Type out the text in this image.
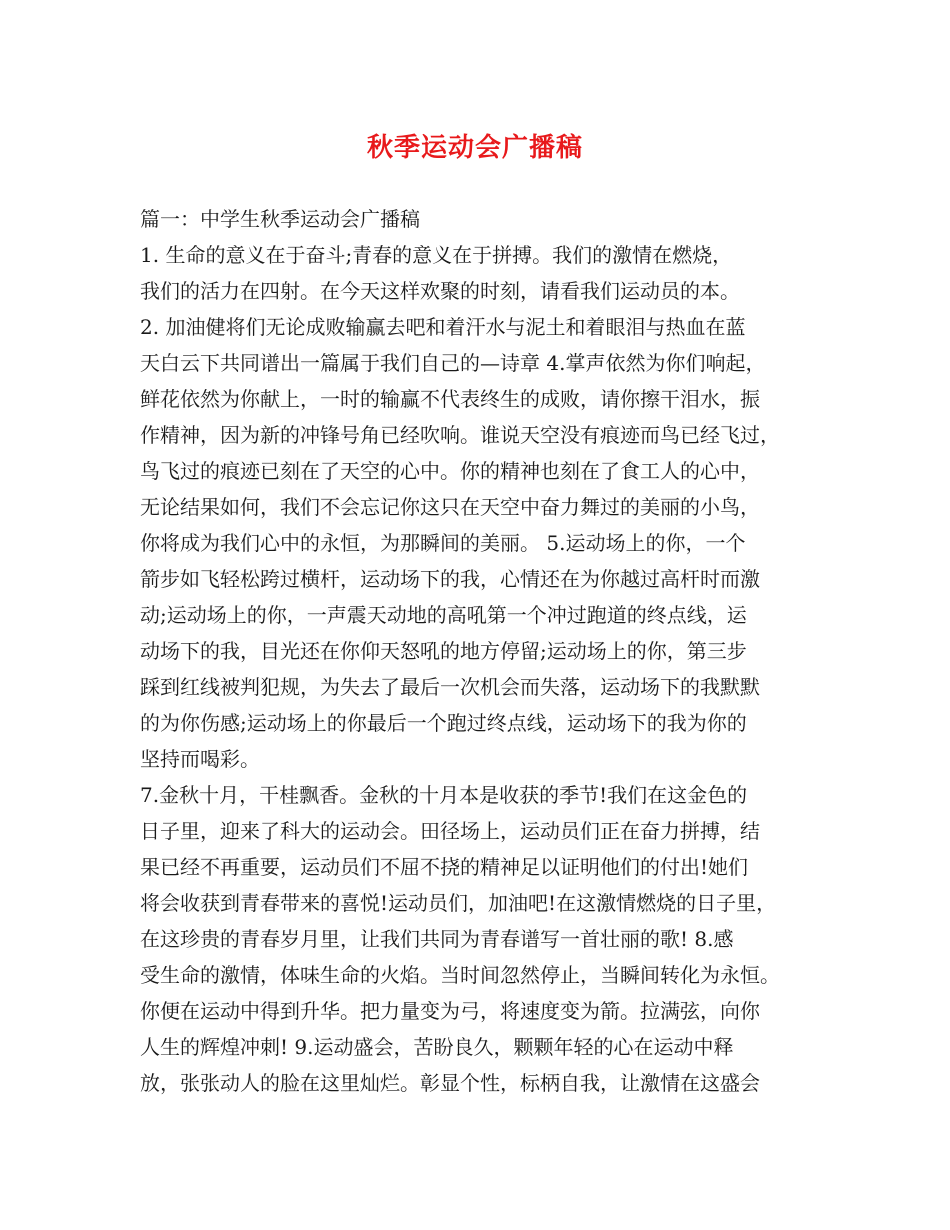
秋季运动会广播稿
篇一：中学生秋季运动会广播稿
1. 生命的意义在于奋斗;青春的意义在于拼搏。我们的激情在燃烧，
我们的活力在四射。在今天这样欢聚的时刻，请看我们运动员的本。
2. 加油健将们无论成败输赢去吧和着汗水与泥土和着眼泪与热血在蓝
天白云下共同谱出一篇属于我们自己的—诗章 4.掌声依然为你们响起，
鲜花依然为你献上，一时的输赢不代表终生的成败，请你擦干泪水，振
作精神，因为新的冲锋号角已经吹响。谁说天空没有痕迹而鸟已经飞过，
鸟飞过的痕迹已刻在了天空的心中。你的精神也刻在了食工人的心中，
无论结果如何，我们不会忘记你这只在天空中奋力舞过的美丽的小鸟，
你将成为我们心中的永恒，为那瞬间的美丽。 5.运动场上的你，一个
箭步如飞轻松跨过横杆，运动场下的我，心情还在为你越过高杆时而激
动;运动场上的你，一声震天动地的高吼第一个冲过跑道的终点线，运
动场下的我，目光还在你仰天怒吼的地方停留;运动场上的你，第三步
踩到红线被判犯规，为失去了最后一次机会而失落，运动场下的我默默
的为你伤感;运动场上的你最后一个跑过终点线，运动场下的我为你的
坚持而喝彩。
7.金秋十月，干桂飘香。金秋的十月本是收获的季节!我们在这金色的
日子里，迎来了科大的运动会。田径场上，运动员们正在奋力拼搏，结
果已经不再重要，运动员们不屈不挠的精神足以证明他们的付出!她们
将会收获到青春带来的喜悦!运动员们，加油吧!在这激情燃烧的日子里，
在这珍贵的青春岁月里，让我们共同为青春谱写一首壮丽的歌! 8.感
受生命的激情，体味生命的火焰。当时间忽然停止，当瞬间转化为永恒。
你便在运动中得到升华。把力量变为弓，将速度变为箭。拉满弦，向你
人生的辉煌冲刺! 9.运动盛会，苦盼良久，颗颗年轻的心在运动中释
放，张张动人的脸在这里灿烂。彰显个性，标柄自我，让激情在这盛会
